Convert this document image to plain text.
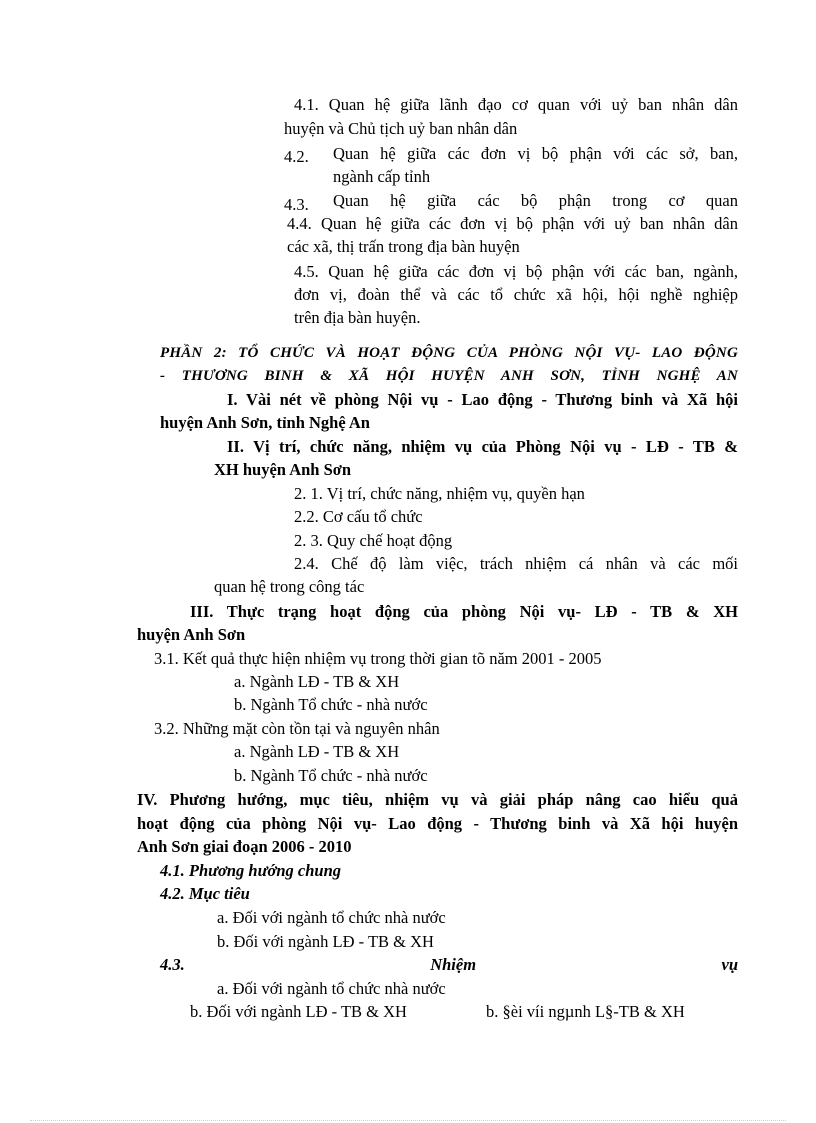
4.1. Quan hệ giữa lãnh đạo cơ quan với uỷ ban nhân dân
huyện và Chủ tịch uỷ ban nhân dân
4.2. Quan hệ giữa các đơn vị bộ phận với các sở, ban,
ngành cấp tỉnh
4.3. Quan hệ giữa các bộ phận trong cơ quan
4.4. Quan hệ giữa các đơn vị bộ phận với uỷ ban nhân dân
các xã, thị trấn trong địa bàn huyện
4.5. Quan hệ giữa các đơn vị bộ phận với các ban, ngành,
đơn vị, đoàn thể và các tổ chức xã hội, hội nghề nghiệp
trên địa bàn huyện.
PHẦN 2: TỔ CHỨC VÀ HOẠT ĐỘNG CỦA PHÒNG NỘI VỤ- LAO ĐỘNG
- THƯƠNG BINH & XÃ HỘI HUYỆN ANH SƠN, TỈNH NGHỆ AN
I. Vài nét về phòng Nội vụ - Lao động - Thương binh và Xã hội
huyện Anh Sơn, tỉnh Nghệ An
II. Vị trí, chức năng, nhiệm vụ của Phòng Nội vụ - LĐ - TB &
XH huyện Anh Sơn
2. 1. Vị trí, chức năng, nhiệm vụ, quyền hạn
2.2. Cơ cấu tổ chức
2. 3. Quy chế hoạt động
2.4. Chế độ làm việc, trách nhiệm cá nhân và các mối
quan hệ trong công tác
III. Thực trạng hoạt động của phòng Nội vụ- LĐ - TB & XH
huyện Anh Sơn
3.1. Kết quả thực hiện nhiệm vụ trong thời gian tõ năm 2001 - 2005
a. Ngành LĐ - TB & XH
b. Ngành Tổ chức - nhà nước
3.2. Những mặt còn tồn tại và nguyên nhân
a. Ngành LĐ - TB & XH
b. Ngành Tổ chức - nhà nước
IV. Phương hướng, mục tiêu, nhiệm vụ và giải pháp nâng cao hiểu quả
hoạt động của phòng Nội vụ- Lao động - Thương binh và Xã hội huyện
Anh Sơn giai đoạn 2006 - 2010
4.1. Phương hướng chung
4.2. Mục tiêu
a. Đối với ngành tổ chức nhà nước
b. Đối với ngành LĐ - TB & XH
4.3.	Nhiệm	vụ
a. Đối với ngành tổ chức nhà nước
b. Đối với ngành LĐ - TB & XH	b. §èi víi ngµnh L§-TB & XH
